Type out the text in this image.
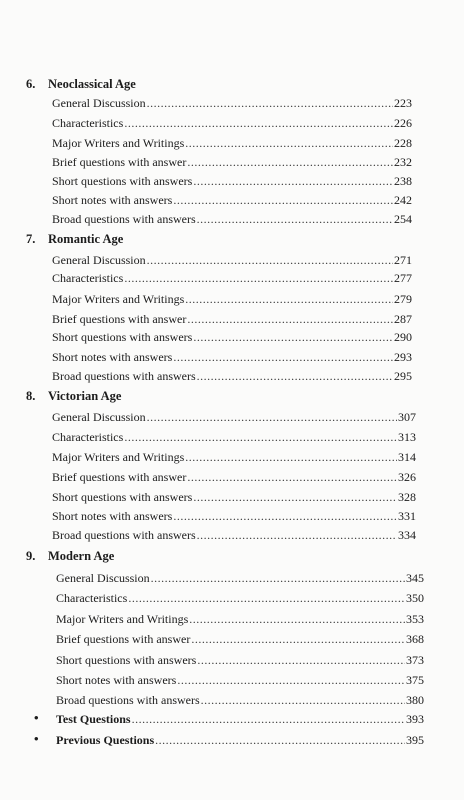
6. Neoclassical Age
General Discussion .....	223
Characteristics .....	226
Major Writers and Writings .....	228
Brief questions with answer .....	232
Short questions with answers .....	238
Short notes with answers .....	242
Broad questions with answers .....	254
7. Romantic Age
General Discussion .....	271
Characteristics .....	277
Major Writers and Writings .....	279
Brief questions with answer .....	287
Short questions with answers .....	290
Short notes with answers .....	293
Broad questions with answers .....	295
8. Victorian Age
General Discussion .....	307
Characteristics .....	313
Major Writers and Writings .....	314
Brief questions with answer .....	326
Short questions with answers .....	328
Short notes with answers .....	331
Broad questions with answers .....	334
9. Modern Age
General Discussion .....	345
Characteristics .....	350
Major Writers and Writings .....	353
Brief questions with answer .....	368
Short questions with answers .....	373
Short notes with answers .....	375
Broad questions with answers .....	380
• Test Questions .....	393
• Previous Questions .....	395
